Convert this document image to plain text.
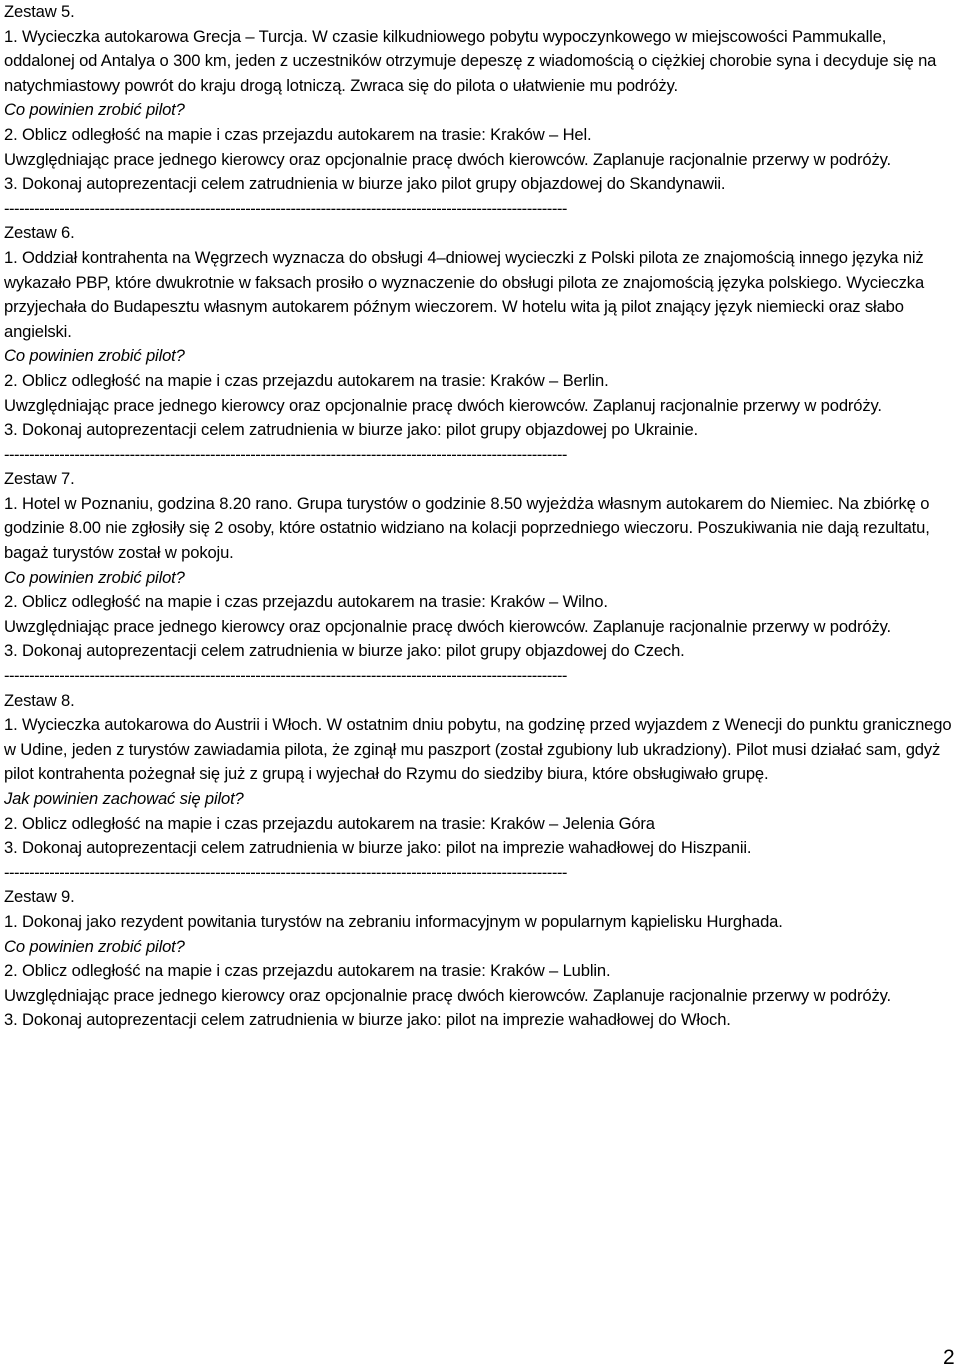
Zestaw 5.

1. Wycieczka autokarowa Grecja – Turcja. W czasie kilkudniowego pobytu wypoczynkowego w miejscowości Pammukalle, oddalonej od Antalya o 300 km, jeden z uczestników otrzymuje depeszę z wiadomością o ciężkiej chorobie syna i decyduje się na natychmiastowy powrót do kraju drogą lotniczą. Zwraca się do pilota o ułatwienie mu podróży.

Co powinien zrobić pilot?

2. Oblicz odległość na mapie i czas przejazdu autokarem na trasie: Kraków – Hel.

Uwzględniając prace jednego kierowcy oraz opcjonalnie pracę dwóch kierowców. Zaplanuje racjonalnie przerwy w podróży.

3. Dokonaj autoprezentacji celem zatrudnienia w biurze jako pilot grupy objazdowej do Skandynawii.

----------------------------------------------------------------------------------------------------------------

Zestaw 6.

1. Oddział kontrahenta na Węgrzech wyznacza do obsługi 4–dniowej wycieczki z Polski pilota ze znajomością innego języka niż wykazało PBP, które dwukrotnie w faksach prosiło o wyznaczenie do obsługi pilota ze znajomością języka polskiego. Wycieczka przyjechała do Budapesztu własnym autokarem późnym wieczorem. W hotelu wita ją pilot znający język niemiecki oraz słabo angielski.

Co powinien zrobić pilot?

2. Oblicz odległość na mapie i czas przejazdu autokarem na trasie: Kraków – Berlin.

Uwzględniając prace jednego kierowcy oraz opcjonalnie pracę dwóch kierowców. Zaplanuj racjonalnie przerwy w podróży.

3. Dokonaj autoprezentacji celem zatrudnienia w biurze jako: pilot grupy objazdowej po Ukrainie.

----------------------------------------------------------------------------------------------------------------

Zestaw 7.

1. Hotel w Poznaniu, godzina 8.20 rano. Grupa turystów o godzinie 8.50 wyjeżdża własnym autokarem do Niemiec. Na zbiórkę o godzinie 8.00 nie zgłosiły się 2 osoby, które ostatnio widziano na kolacji poprzedniego wieczoru. Poszukiwania nie dają rezultatu, bagaż turystów został w pokoju.

Co powinien zrobić pilot?

2. Oblicz odległość na mapie i czas przejazdu autokarem na trasie: Kraków – Wilno.

Uwzględniając prace jednego kierowcy oraz opcjonalnie pracę dwóch kierowców. Zaplanuje racjonalnie przerwy w podróży.

3. Dokonaj autoprezentacji celem zatrudnienia w biurze jako: pilot grupy objazdowej do Czech.

----------------------------------------------------------------------------------------------------------------

Zestaw 8.

1. Wycieczka autokarowa do Austrii i Włoch. W ostatnim dniu pobytu, na godzinę przed wyjazdem z Wenecji do punktu granicznego w Udine, jeden z turystów zawiadamia pilota, że zginął mu paszport (został zgubiony lub ukradziony). Pilot musi działać sam, gdyż pilot kontrahenta pożegnał się już z grupą i wyjechał do Rzymu do siedziby biura, które obsługiwało grupę.

Jak powinien zachować się pilot?

2. Oblicz odległość na mapie i czas przejazdu autokarem na trasie: Kraków – Jelenia Góra

3. Dokonaj autoprezentacji celem zatrudnienia w biurze jako: pilot na imprezie wahadłowej do Hiszpanii.

----------------------------------------------------------------------------------------------------------------

Zestaw 9.

1. Dokonaj jako rezydent powitania turystów na zebraniu informacyjnym w popularnym kąpielisku Hurghada.

Co powinien zrobić pilot?

2. Oblicz odległość na mapie i czas przejazdu autokarem na trasie: Kraków – Lublin.

Uwzględniając prace jednego kierowcy oraz opcjonalnie pracę dwóch kierowców. Zaplanuje racjonalnie przerwy w podróży.

3. Dokonaj autoprezentacji celem zatrudnienia w biurze jako: pilot na imprezie wahadłowej do Włoch.

2
